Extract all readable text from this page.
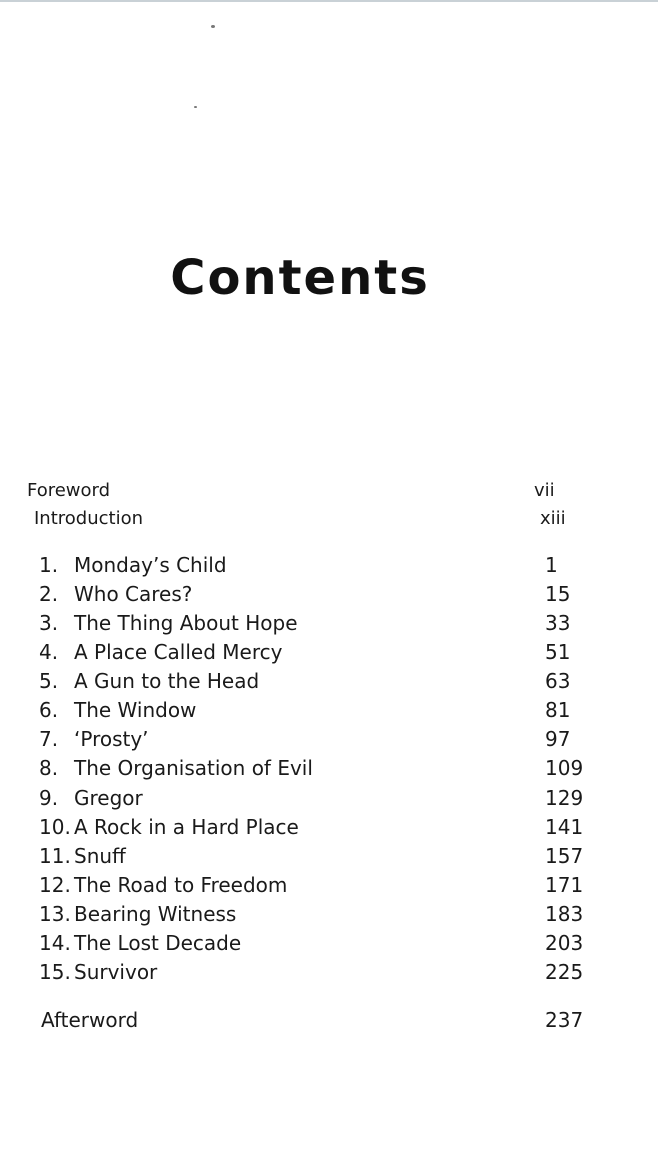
Contents
Foreword	vii
Introduction	xiii
1. Monday’s Child	1
2. Who Cares?	15
3. The Thing About Hope	33
4. A Place Called Mercy	51
5. A Gun to the Head	63
6. The Window	81
7. ‘Prosty’	97
8. The Organisation of Evil	109
9. Gregor	129
10. A Rock in a Hard Place	141
11. Snuff	157
12. The Road to Freedom	171
13. Bearing Witness	183
14. The Lost Decade	203
15. Survivor	225
Afterword	237
